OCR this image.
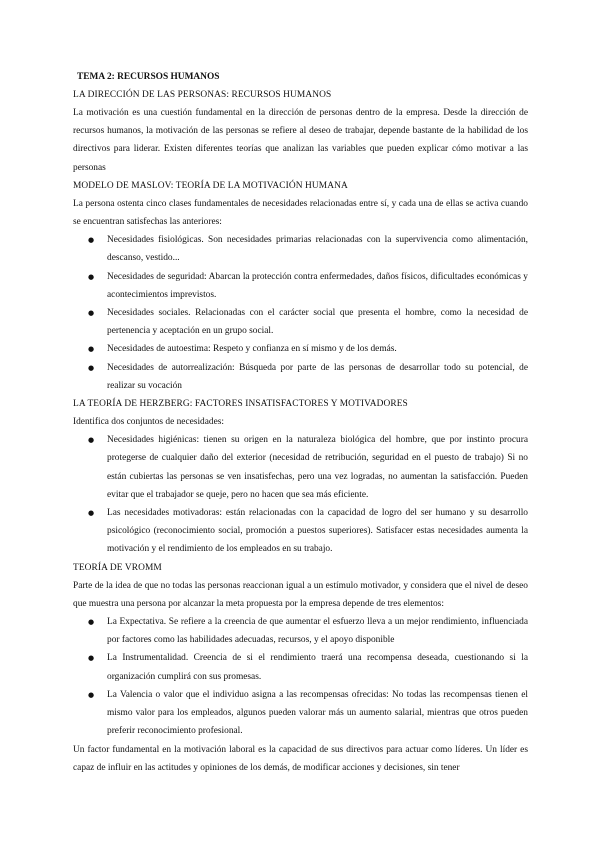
TEMA 2: RECURSOS HUMANOS
LA DIRECCIÓN DE LAS PERSONAS: RECURSOS HUMANOS
La motivación es una cuestión fundamental en la dirección de personas dentro de la empresa. Desde la dirección de recursos humanos, la motivación de las personas se refiere al deseo de trabajar, depende bastante de la habilidad de los directivos para liderar. Existen diferentes teorías que analizan las variables que pueden explicar cómo motivar a las personas
MODELO DE MASLOV: TEORÍA DE LA MOTIVACIÓN HUMANA
La persona ostenta cinco clases fundamentales de necesidades relacionadas entre sí, y cada una de ellas se activa cuando se encuentran satisfechas las anteriores:
● Necesidades fisiológicas. Son necesidades primarias relacionadas con la supervivencia como alimentación, descanso, vestido...
● Necesidades de seguridad: Abarcan la protección contra enfermedades, daños físicos, dificultades económicas y acontecimientos imprevistos.
● Necesidades sociales. Relacionadas con el carácter social que presenta el hombre, como la necesidad de pertenencia y aceptación en un grupo social.
● Necesidades de autoestima: Respeto y confianza en sí mismo y de los demás.
● Necesidades de autorrealización: Búsqueda por parte de las personas de desarrollar todo su potencial, de realizar su vocación
LA TEORÍA DE HERZBERG: FACTORES INSATISFACTORES Y MOTIVADORES
Identifica dos conjuntos de necesidades:
● Necesidades higiénicas: tienen su origen en la naturaleza biológica del hombre, que por instinto procura protegerse de cualquier daño del exterior (necesidad de retribución, seguridad en el puesto de trabajo) Si no están cubiertas las personas se ven insatisfechas, pero una vez logradas, no aumentan la satisfacción. Pueden evitar que el trabajador se queje, pero no hacen que sea más eficiente.
● Las necesidades motivadoras: están relacionadas con la capacidad de logro del ser humano y su desarrollo psicológico (reconocimiento social, promoción a puestos superiores). Satisfacer estas necesidades aumenta la motivación y el rendimiento de los empleados en su trabajo.
TEORÍA DE VROMM
Parte de la idea de que no todas las personas reaccionan igual a un estímulo motivador, y considera que el nivel de deseo que muestra una persona por alcanzar la meta propuesta por la empresa depende de tres elementos:
● La Expectativa. Se refiere a la creencia de que aumentar el esfuerzo lleva a un mejor rendimiento, influenciada por factores como las habilidades adecuadas, recursos, y el apoyo disponible
● La Instrumentalidad. Creencia de si el rendimiento traerá una recompensa deseada, cuestionando si la organización cumplirá con sus promesas.
● La Valencia o valor que el individuo asigna a las recompensas ofrecidas: No todas las recompensas tienen el mismo valor para los empleados, algunos pueden valorar más un aumento salarial, mientras que otros pueden preferir reconocimiento profesional.
Un factor fundamental en la motivación laboral es la capacidad de sus directivos para actuar como líderes. Un líder es capaz de influir en las actitudes y opiniones de los demás, de modificar acciones y decisiones, sin tener
